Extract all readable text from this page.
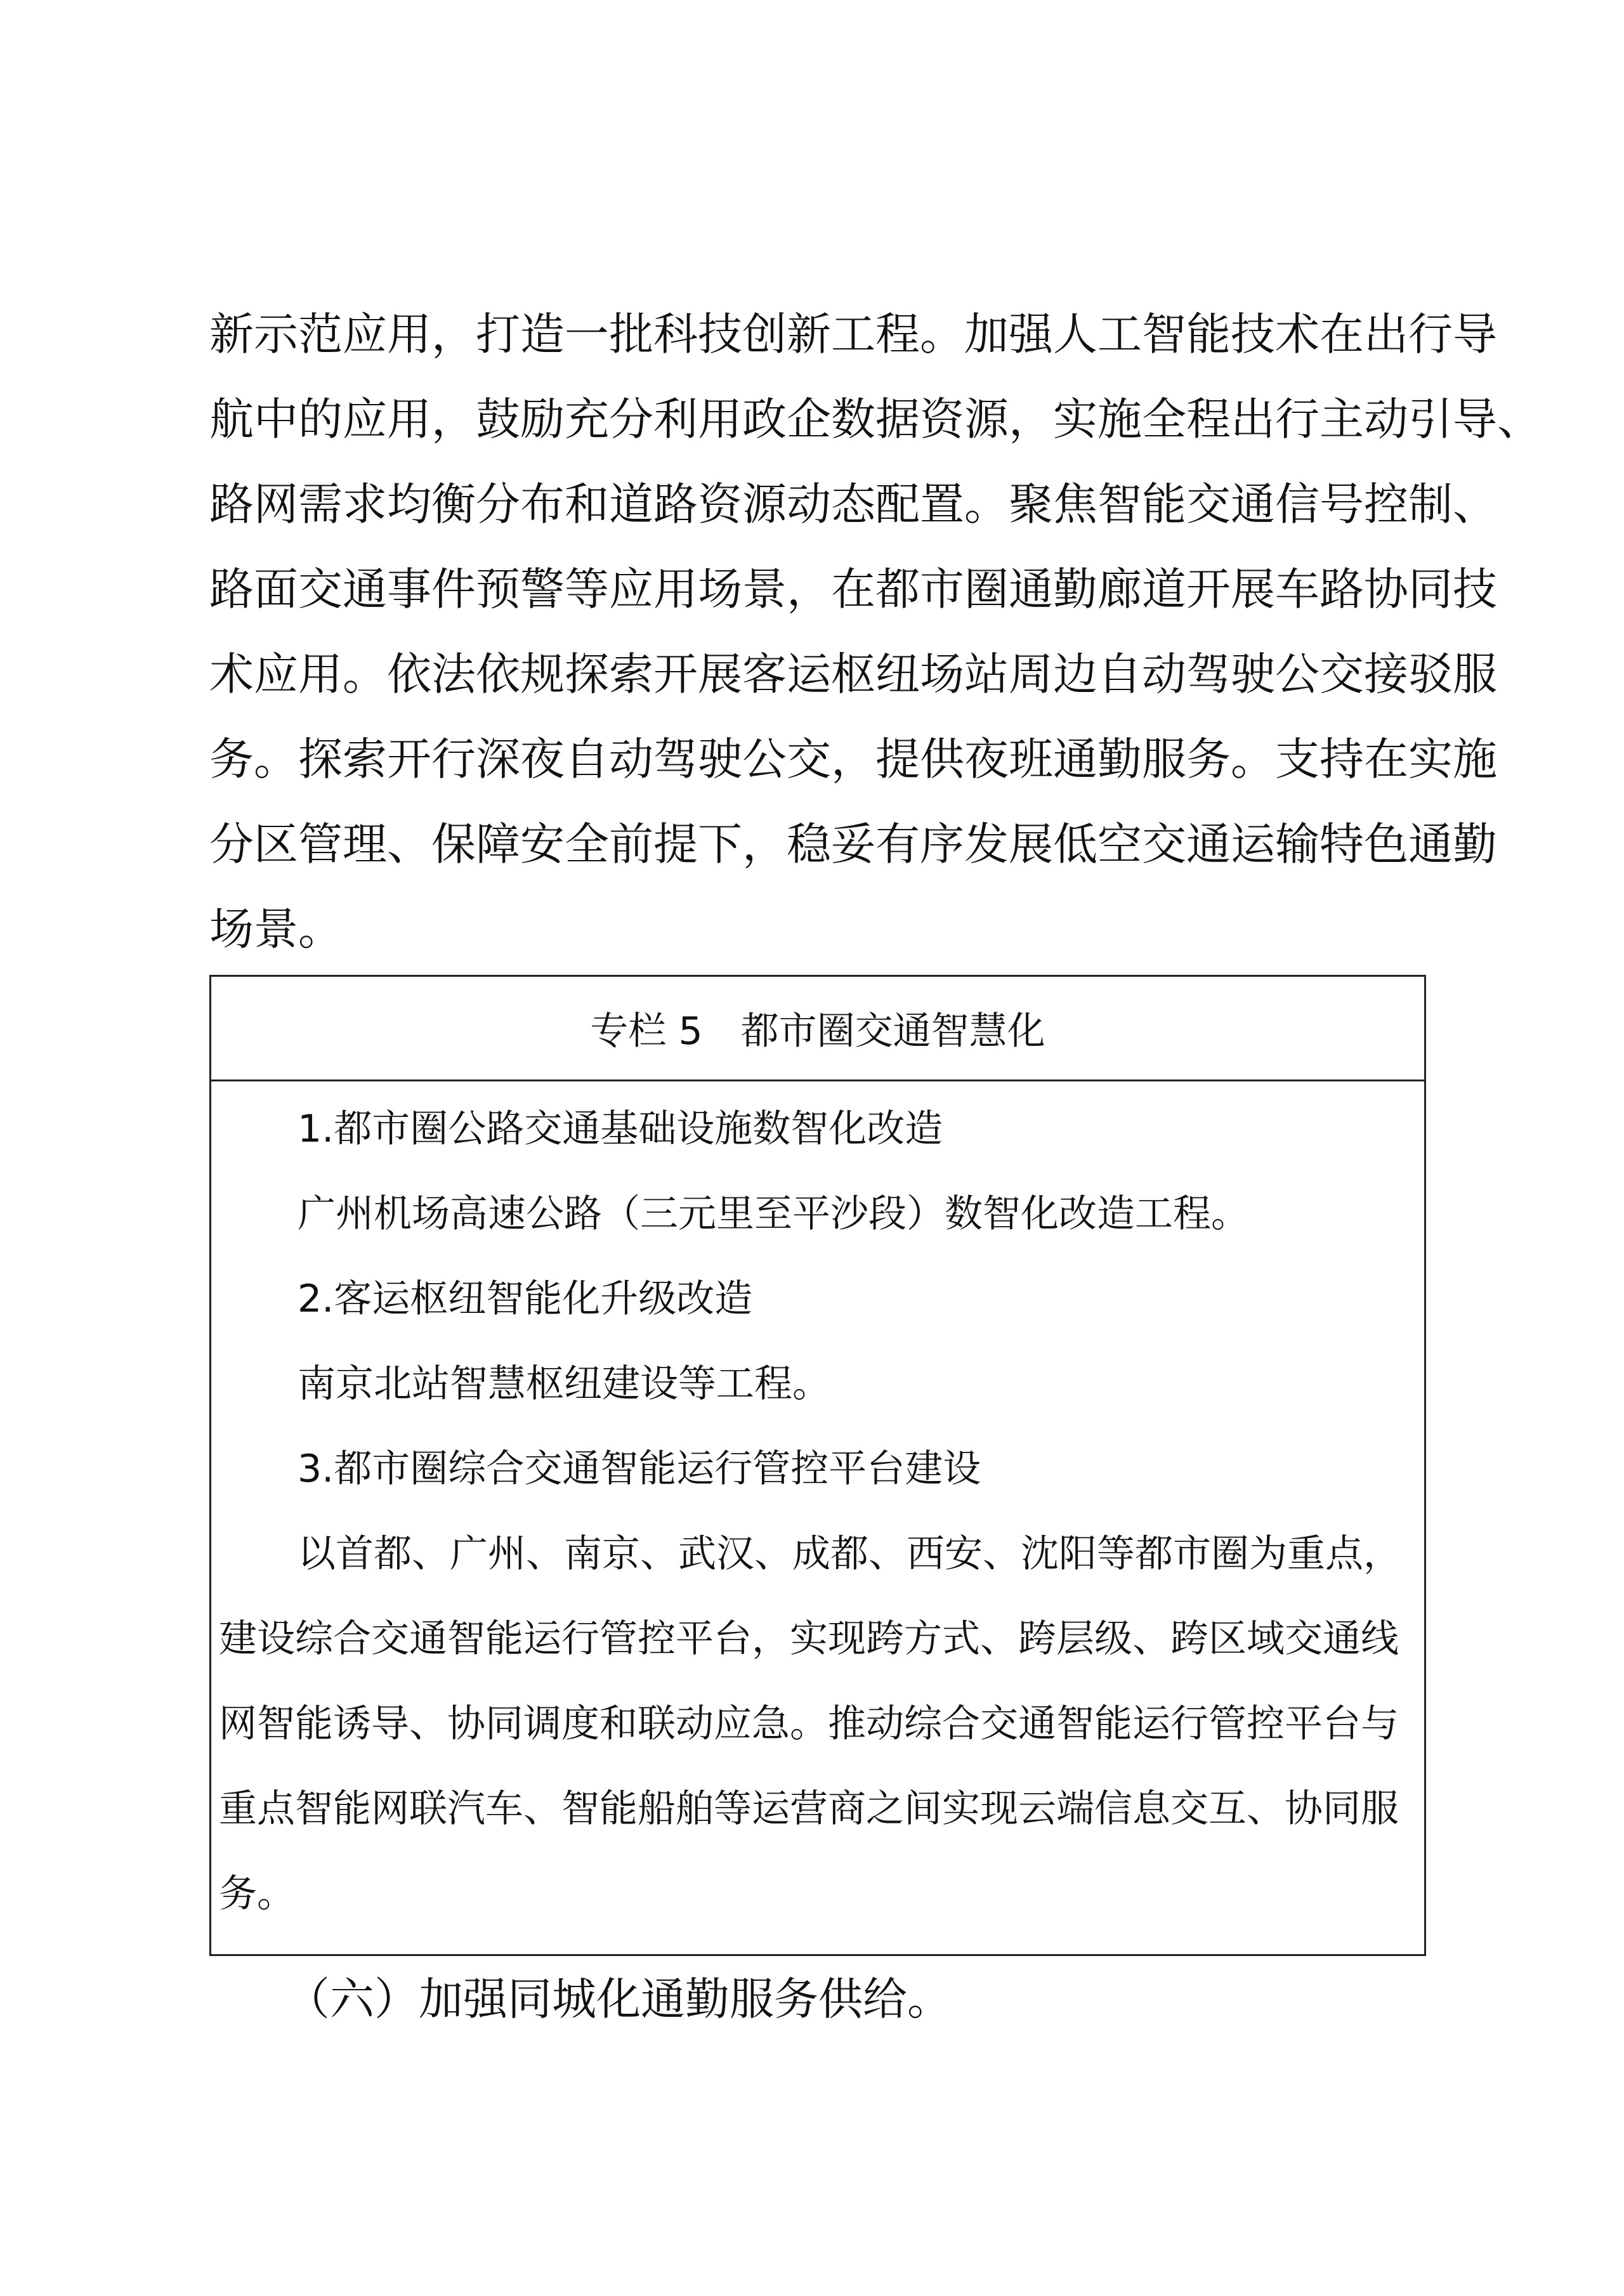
新示范应用，打造一批科技创新工程。加强人工智能技术在出行导
航中的应用，鼓励充分利用政企数据资源，实施全程出行主动引导、
路网需求均衡分布和道路资源动态配置。聚焦智能交通信号控制、
路面交通事件预警等应用场景，在都市圈通勤廊道开展车路协同技
术应用。依法依规探索开展客运枢纽场站周边自动驾驶公交接驳服
务。探索开行深夜自动驾驶公交，提供夜班通勤服务。支持在实施
分区管理、保障安全前提下，稳妥有序发展低空交通运输特色通勤
场景。
专栏 5　都市圈交通智慧化
1.都市圈公路交通基础设施数智化改造
广州机场高速公路（三元里至平沙段）数智化改造工程。
2.客运枢纽智能化升级改造
南京北站智慧枢纽建设等工程。
3.都市圈综合交通智能运行管控平台建设
以首都、广州、南京、武汉、成都、西安、沈阳等都市圈为重点，
建设综合交通智能运行管控平台，实现跨方式、跨层级、跨区域交通线
网智能诱导、协同调度和联动应急。推动综合交通智能运行管控平台与
重点智能网联汽车、智能船舶等运营商之间实现云端信息交互、协同服
务。
（六）加强同城化通勤服务供给。
